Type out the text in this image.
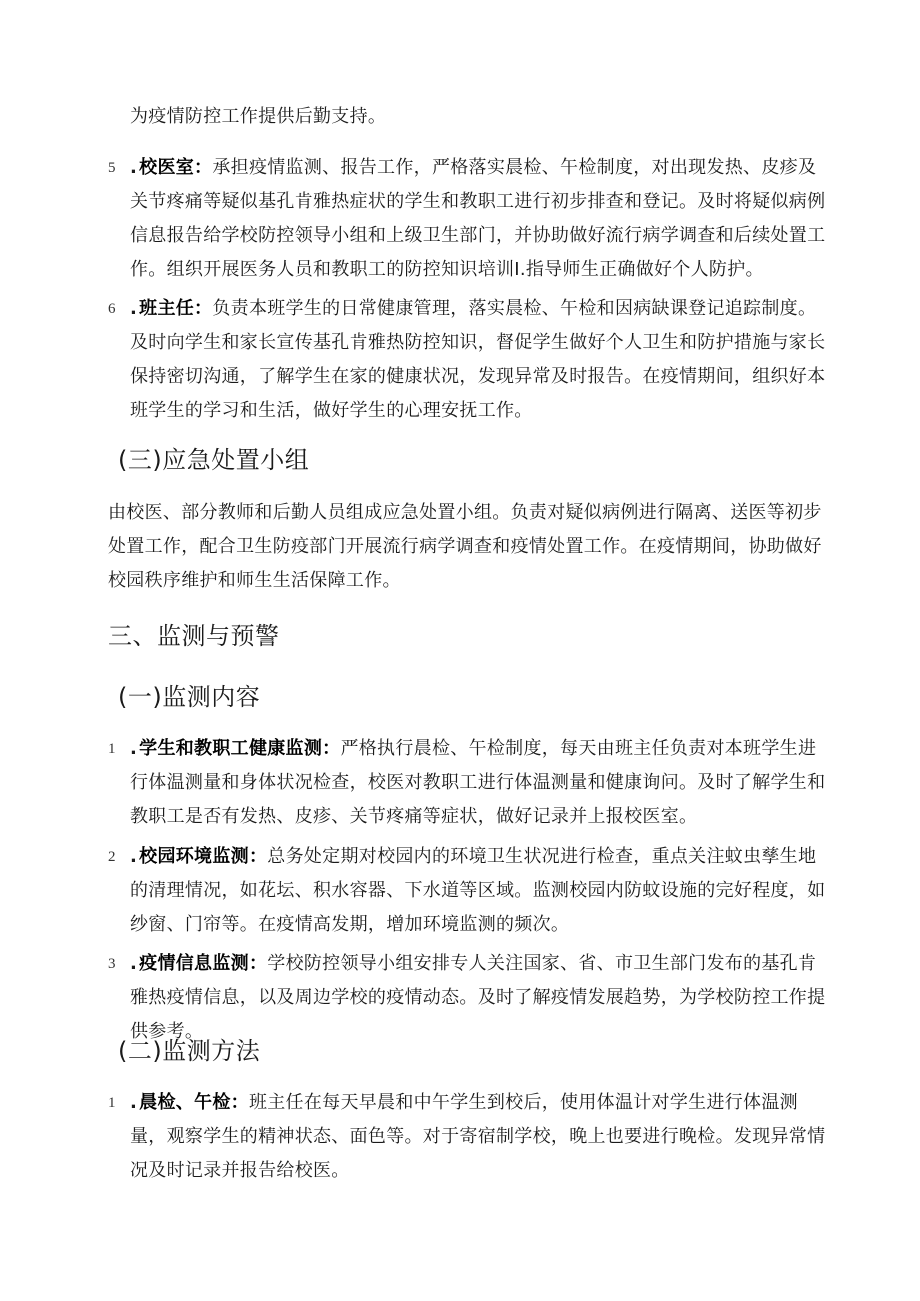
为疫情防控工作提供后勤支持。

5 . 校医室：承担疫情监测、报告工作，严格落实晨检、午检制度，对出现发热、皮疹及关节疼痛等疑似基孔肯雅热症状的学生和教职工进行初步排查和登记。及时将疑似病例信息报告给学校防控领导小组和上级卫生部门，并协助做好流行病学调查和后续处置工作。组织开展医务人员和教职工的防控知识培训I.指导师生正确做好个人防护。

6 . 班主任：负责本班学生的日常健康管理，落实晨检、午检和因病缺课登记追踪制度。及时向学生和家长宣传基孔肯雅热防控知识，督促学生做好个人卫生和防护措施与家长保持密切沟通，了解学生在家的健康状况，发现异常及时报告。在疫情期间，组织好本班学生的学习和生活，做好学生的心理安抚工作。

(三)应急处置小组

由校医、部分教师和后勤人员组成应急处置小组。负责对疑似病例进行隔离、送医等初步处置工作，配合卫生防疫部门开展流行病学调查和疫情处置工作。在疫情期间，协助做好校园秩序维护和师生生活保障工作。

三、监测与预警
(一)监测内容
1 . 学生和教职工健康监测：严格执行晨检、午检制度，每天由班主任负责对本班学生进行体温测量和身体状况检查，校医对教职工进行体温测量和健康询问。及时了解学生和教职工是否有发热、皮疹、关节疼痛等症状，做好记录并上报校医室。

2 . 校园环境监测：总务处定期对校园内的环境卫生状况进行检查，重点关注蚊虫孳生地的清理情况，如花坛、积水容器、下水道等区域。监测校园内防蚊设施的完好程度，如纱窗、门帘等。在疫情高发期，增加环境监测的频次。

3 . 疫情信息监测：学校防控领导小组安排专人关注国家、省、市卫生部门发布的基孔肯雅热疫情信息，以及周边学校的疫情动态。及时了解疫情发展趋势，为学校防控工作提供参考。

(二)监测方法
1 . 晨检、午检：班主任在每天早晨和中午学生到校后，使用体温计对学生进行体温测量，观察学生的精神状态、面色等。对于寄宿制学校，晚上也要进行晚检。发现异常情况及时记录并报告给校医。
